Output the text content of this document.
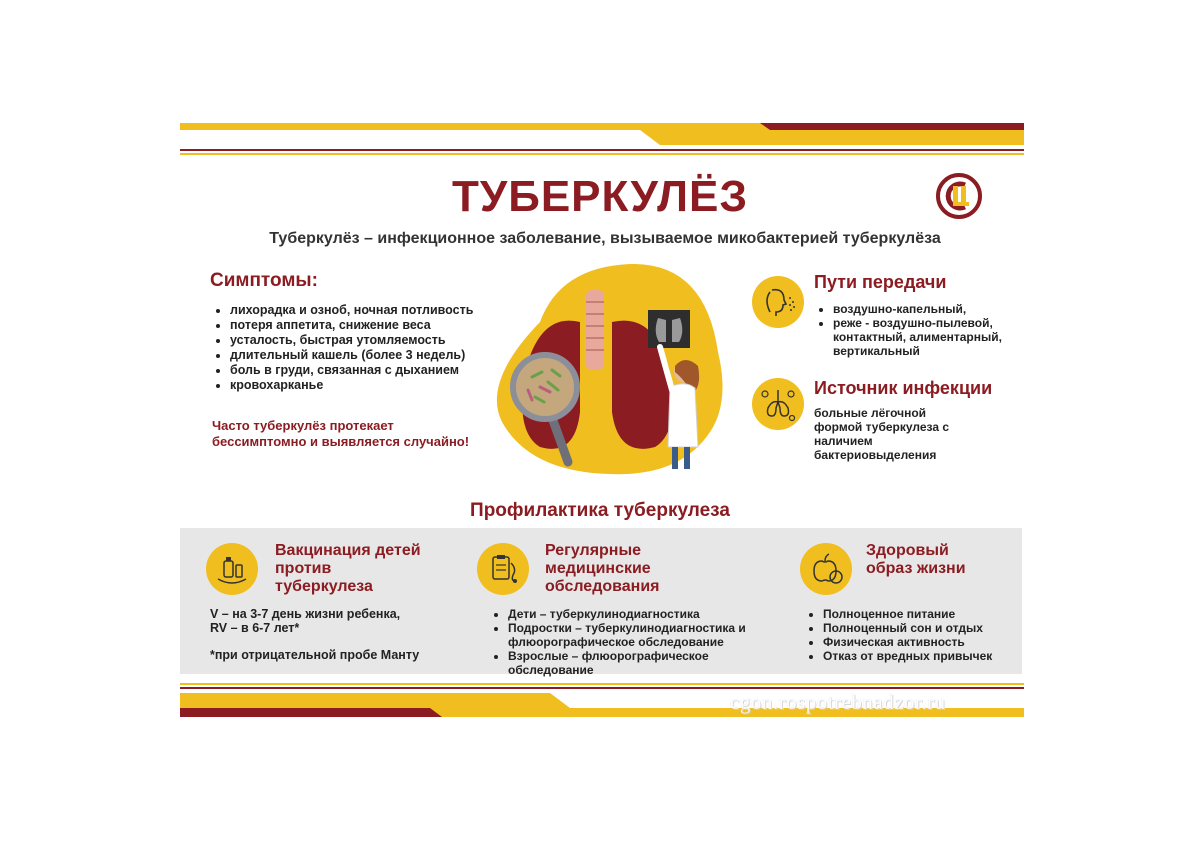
ТУБЕРКУЛЁЗ
Туберкулёз – инфекционное заболевание, вызываемое микобактерией туберкулёза
Симптомы:
• лихорадка и озноб, ночная потливость
• потеря аппетита, снижение веса
• усталость, быстрая утомляемость
• длительный кашель (более 3 недель)
• боль в груди, связанная с дыханием
• кровохарканье
Часто туберкулёз протекает
бессимптомно и выявляется случайно!
Пути передачи
• воздушно-капельный,
• реже - воздушно-пылевой, контактный, алиментарный, вертикальный
Источник инфекции
больные лёгочной формой туберкулеза с наличием бактериовыделения
Профилактика туберкулеза
Вакцинация детей против туберкулеза
V – на 3-7 день жизни ребенка,
RV – в 6-7 лет*
*при отрицательной пробе Манту
Регулярные медицинские обследования
• Дети – туберкулинодиагностика
• Подростки – туберкулинодиагностика и флюорографическое обследование
• Взрослые – флюорографическое обследование
Здоровый образ жизни
• Полноценное питание
• Полноценный сон и отдых
• Физическая активность
• Отказ от вредных привычек
cgon.rospotrebnadzor.ru
